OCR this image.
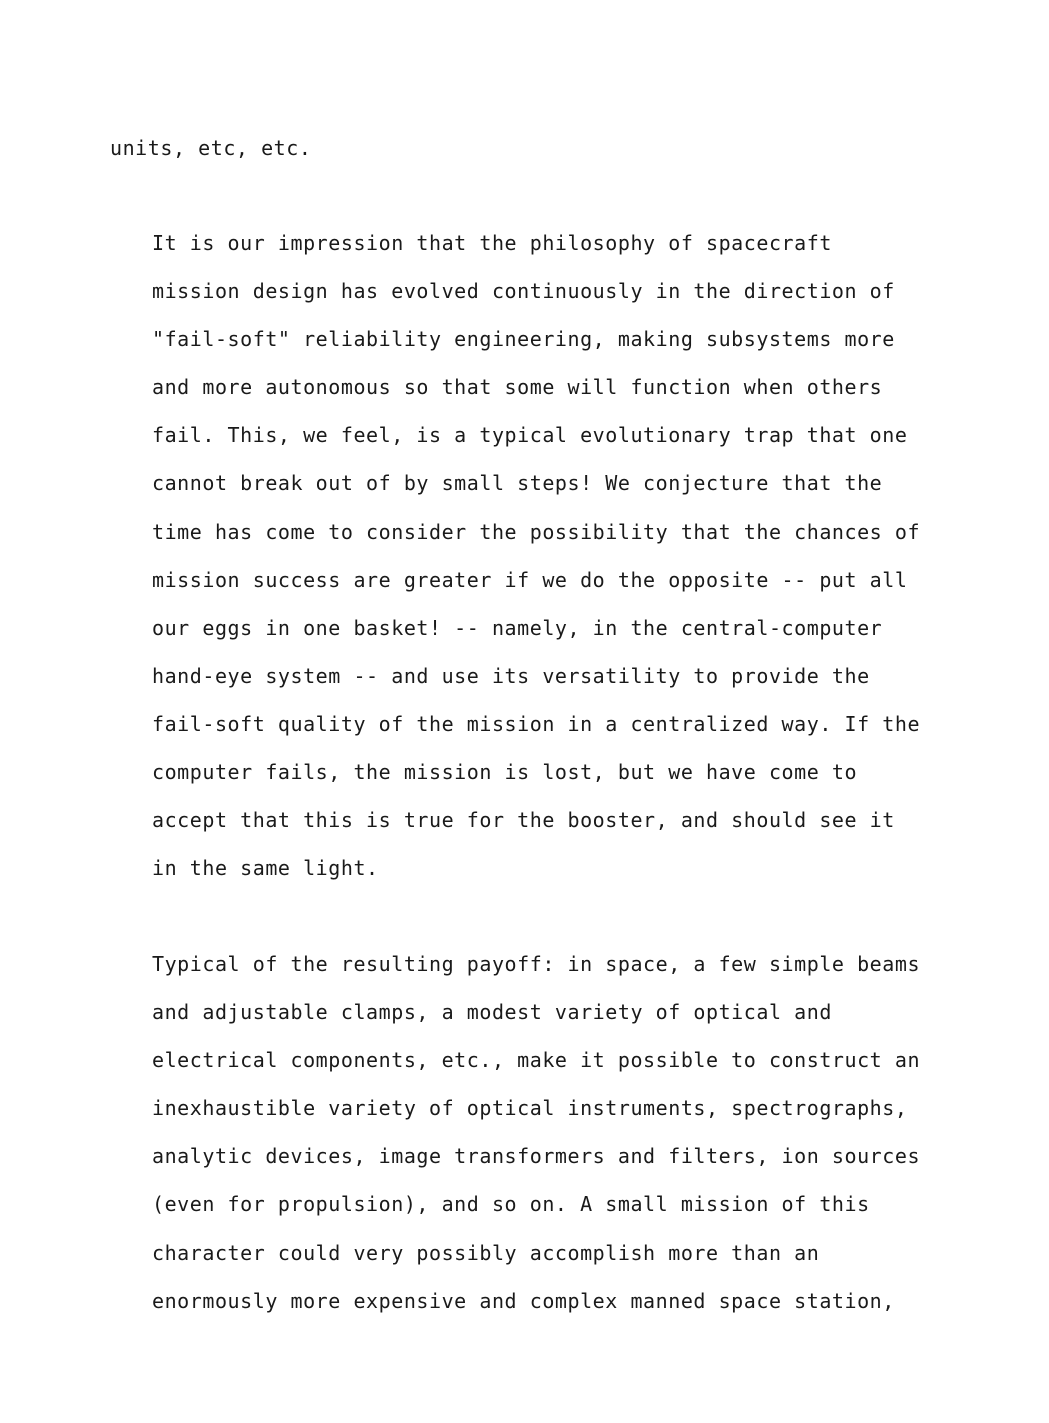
units, etc, etc.
It is our impression that the philosophy of spacecraft
mission design has evolved continuously in the direction of
"fail-soft" reliability engineering, making subsystems more
and more autonomous so that some will function when others
fail. This, we feel, is a typical evolutionary trap that one
cannot break out of by small steps! We conjecture that the
time has come to consider the possibility that the chances of
mission success are greater if we do the opposite -- put all
our eggs in one basket! -- namely, in the central-computer
hand-eye system -- and use its versatility to provide the
fail-soft quality of the mission in a centralized way. If the
computer fails, the mission is lost, but we have come to
accept that this is true for the booster, and should see it
in the same light.
Typical of the resulting payoff: in space, a few simple beams
and adjustable clamps, a modest variety of optical and
electrical components, etc., make it possible to construct an
inexhaustible variety of optical instruments, spectrographs,
analytic devices, image transformers and filters, ion sources
(even for propulsion), and so on. A small mission of this
character could very possibly accomplish more than an
enormously more expensive and complex manned space station,
